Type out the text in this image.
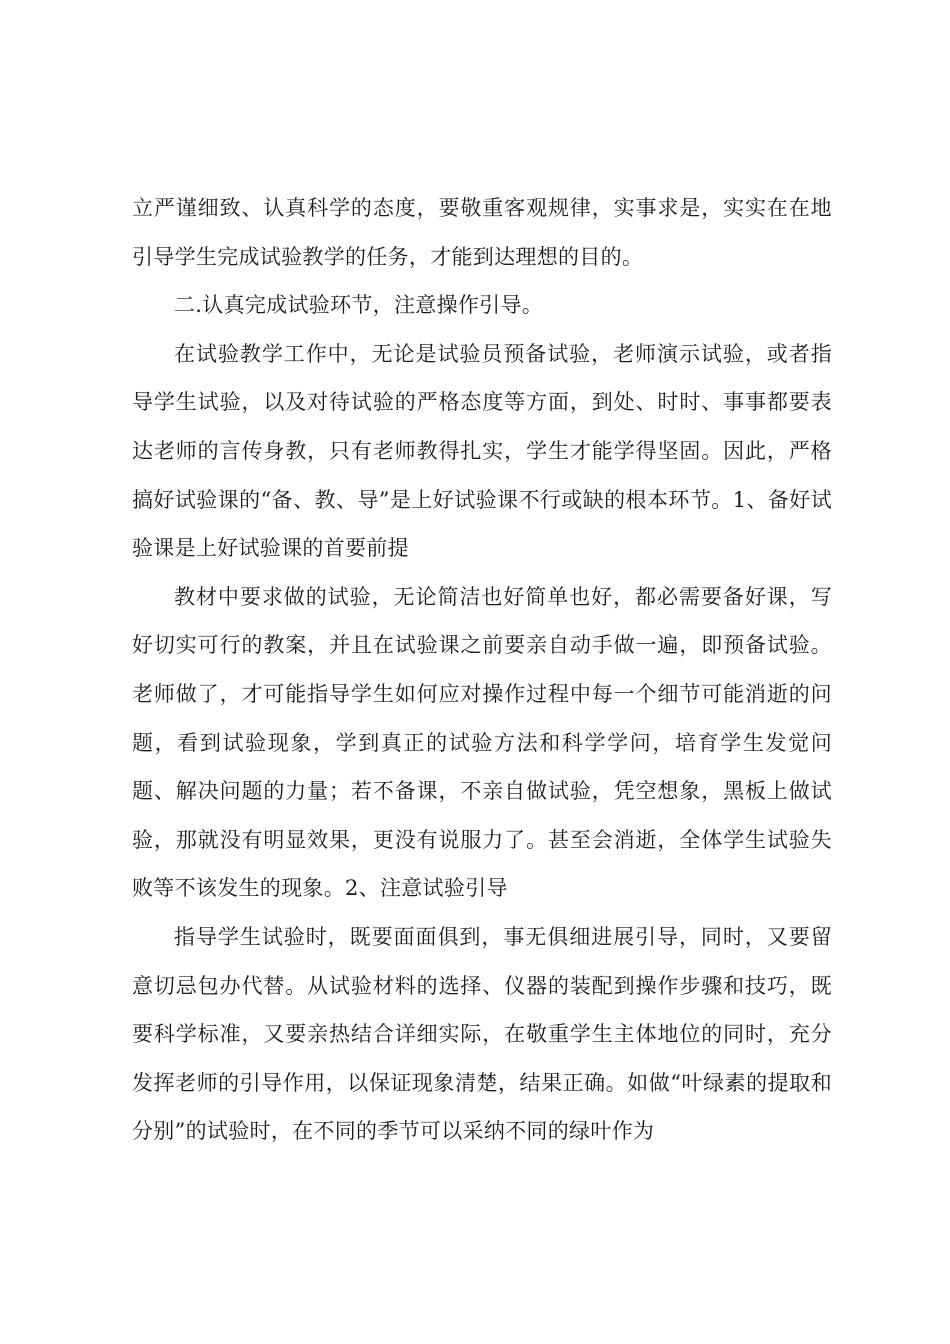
立严谨细致、认真科学的态度，要敬重客观规律，实事求是，实实在在地引导学生完成试验教学的任务，才能到达理想的目的。

二.认真完成试验环节，注意操作引导。

在试验教学工作中，无论是试验员预备试验，老师演示试验，或者指导学生试验，以及对待试验的严格态度等方面，到处、时时、事事都要表达老师的言传身教，只有老师教得扎实，学生才能学得坚固。因此，严格搞好试验课的“备、教、导”是上好试验课不行或缺的根本环节。1、备好试验课是上好试验课的首要前提

教材中要求做的试验，无论简洁也好简单也好，都必需要备好课，写好切实可行的教案，并且在试验课之前要亲自动手做一遍，即预备试验。老师做了，才可能指导学生如何应对操作过程中每一个细节可能消逝的问题，看到试验现象，学到真正的试验方法和科学学问，培育学生发觉问题、解决问题的力量；若不备课，不亲自做试验，凭空想象，黑板上做试验，那就没有明显效果，更没有说服力了。甚至会消逝，全体学生试验失败等不该发生的现象。2、注意试验引导

指导学生试验时，既要面面俱到，事无俱细进展引导，同时，又要留意切忌包办代替。从试验材料的选择、仪器的装配到操作步骤和技巧，既要科学标准，又要亲热结合详细实际，在敬重学生主体地位的同时，充分发挥老师的引导作用，以保证现象清楚，结果正确。如做“叶绿素的提取和分别”的试验时，在不同的季节可以采纳不同的绿叶作为
